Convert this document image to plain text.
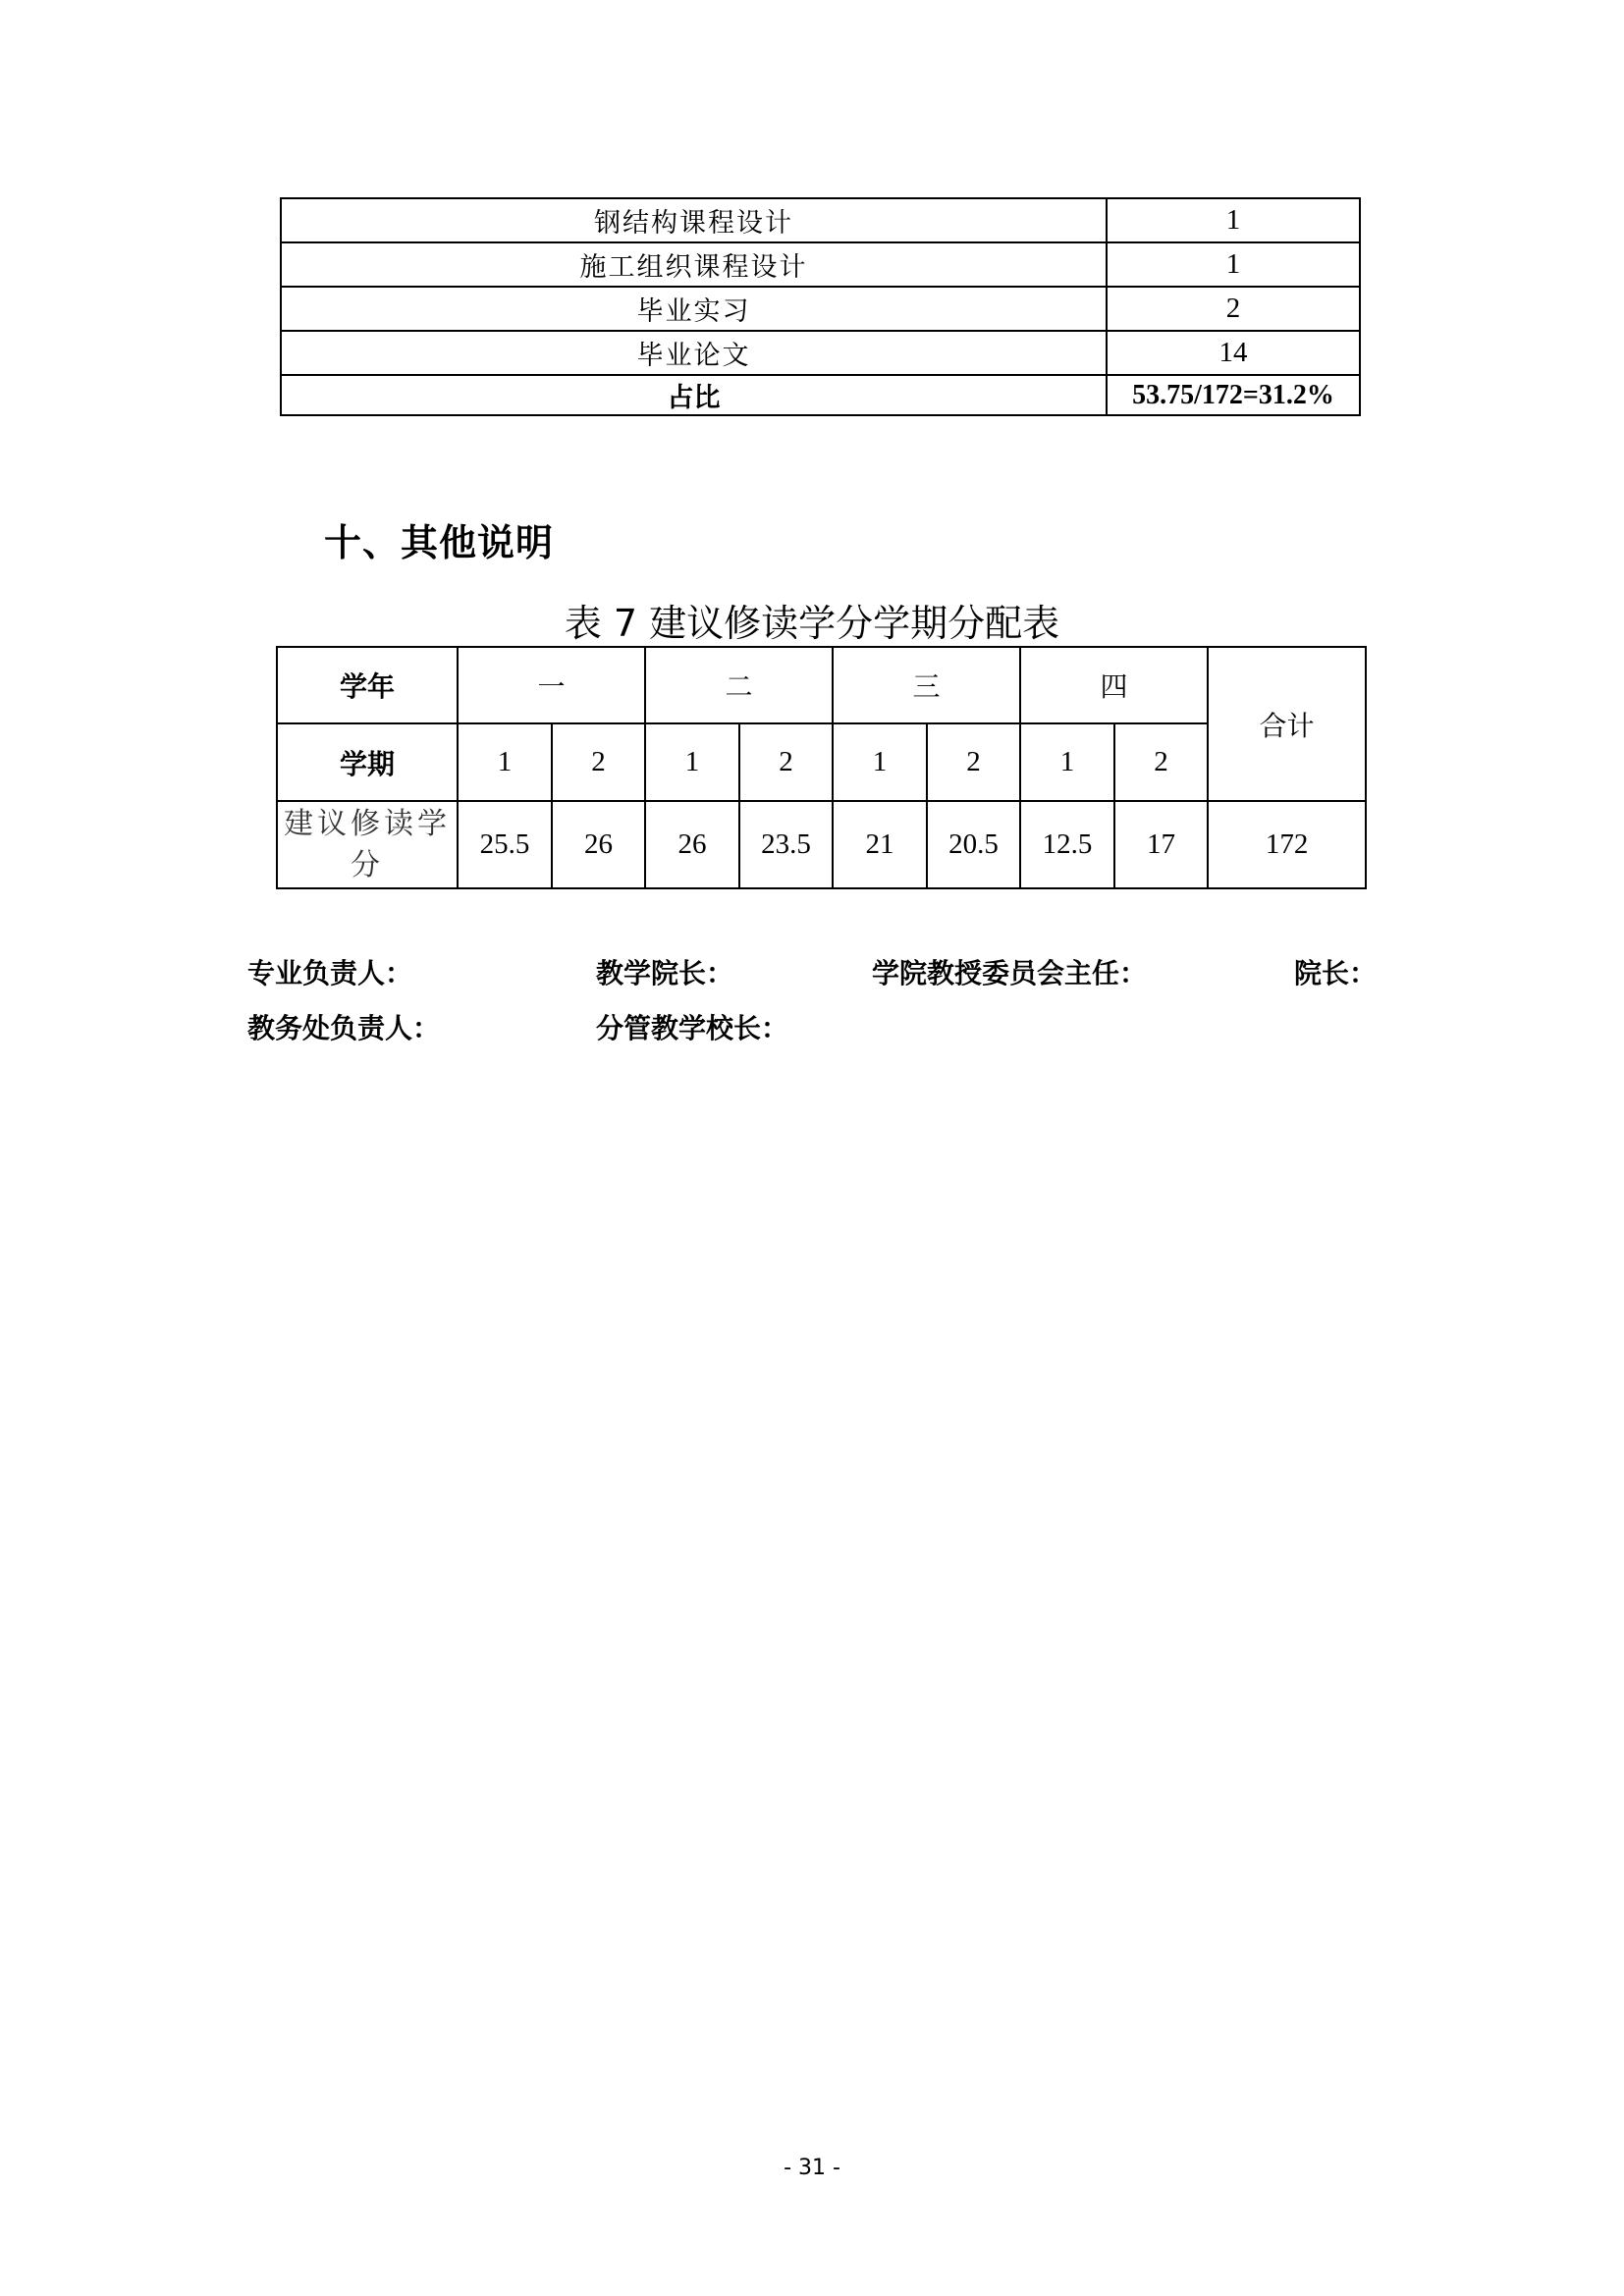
钢结构课程设计	1
施工组织课程设计	1
毕业实习	2
毕业论文	14
占比	53.75/172=31.2%
十、其他说明
表 7 建议修读学分学期分配表
学年	一		二		三		四		合计
学期	1	2	1	2	1	2	1	2	
建议修读学分	25.5	26	26	23.5	21	20.5	12.5	17	172
专业负责人：	教学院长：	学院教授委员会主任：	院长：
教务处负责人：	分管教学校长：
- 31 -
